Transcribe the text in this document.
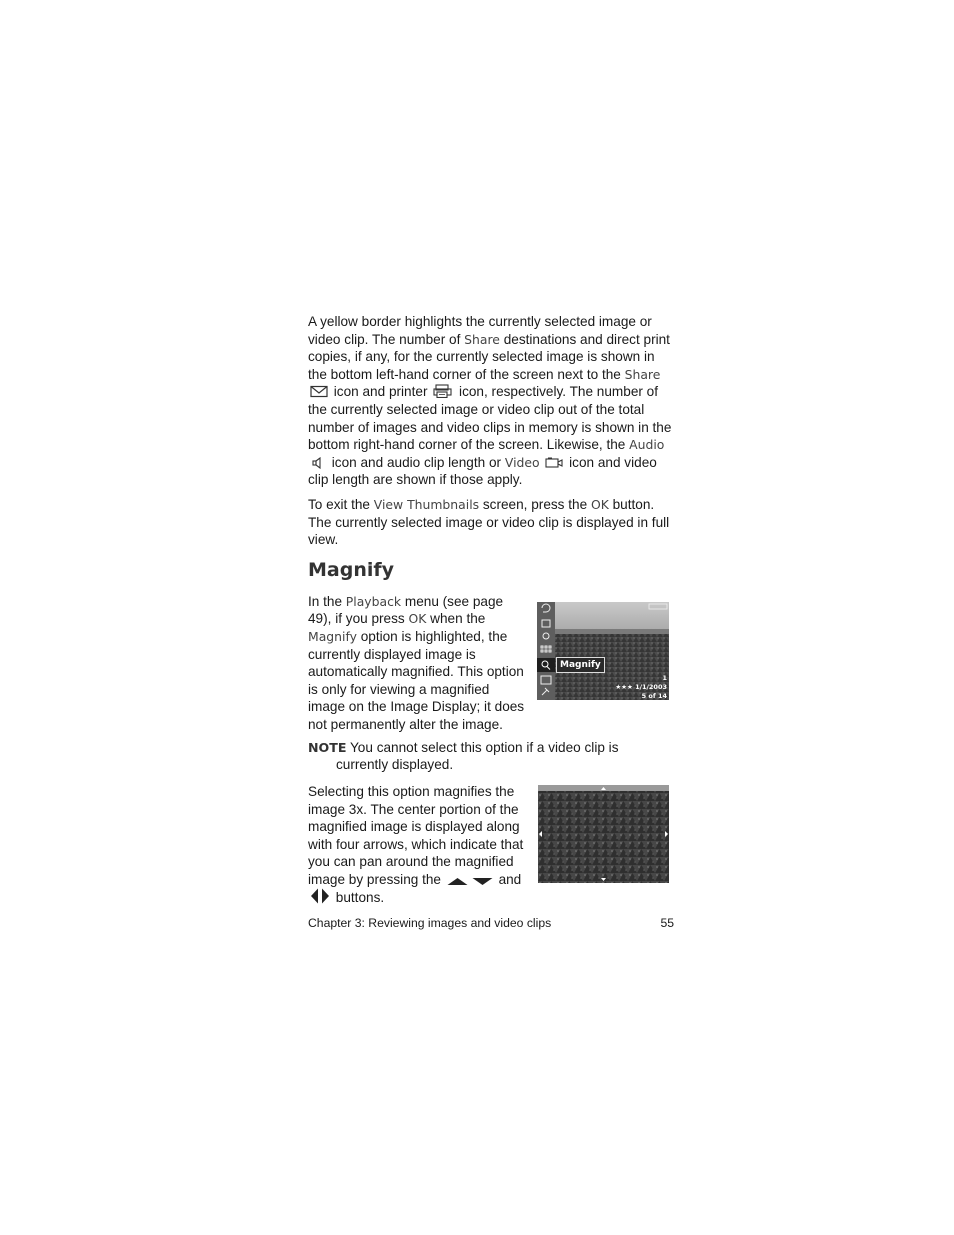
A yellow border highlights the currently selected image or video clip. The number of Share destinations and direct print copies, if any, for the currently selected image is shown in the bottom left-hand corner of the screen next to the Share
icon and printer icon, respectively. The number of the currently selected image or video clip out of the total number of images and video clips in memory is shown in the bottom right-hand corner of the screen. Likewise, the Audio
icon and audio clip length or Video icon and video clip length are shown if those apply.

To exit the View Thumbnails screen, press the OK button. The currently selected image or video clip is displayed in full view.

Magnify

In the Playback menu (see page 49), if you press OK when the Magnify option is highlighted, the currently displayed image is automatically magnified. This option is only for viewing a magnified image on the Image Display; it does not permanently alter the image.

Magnify
1
★★★ 1/1/2003
5 of 14

NOTE You cannot select this option if a video clip is currently displayed.

Selecting this option magnifies the image 3x. The center portion of the magnified image is displayed along with four arrows, which indicate that you can pan around the magnified image by pressing the	and

buttons.

Chapter 3: Reviewing images and video clips	55
